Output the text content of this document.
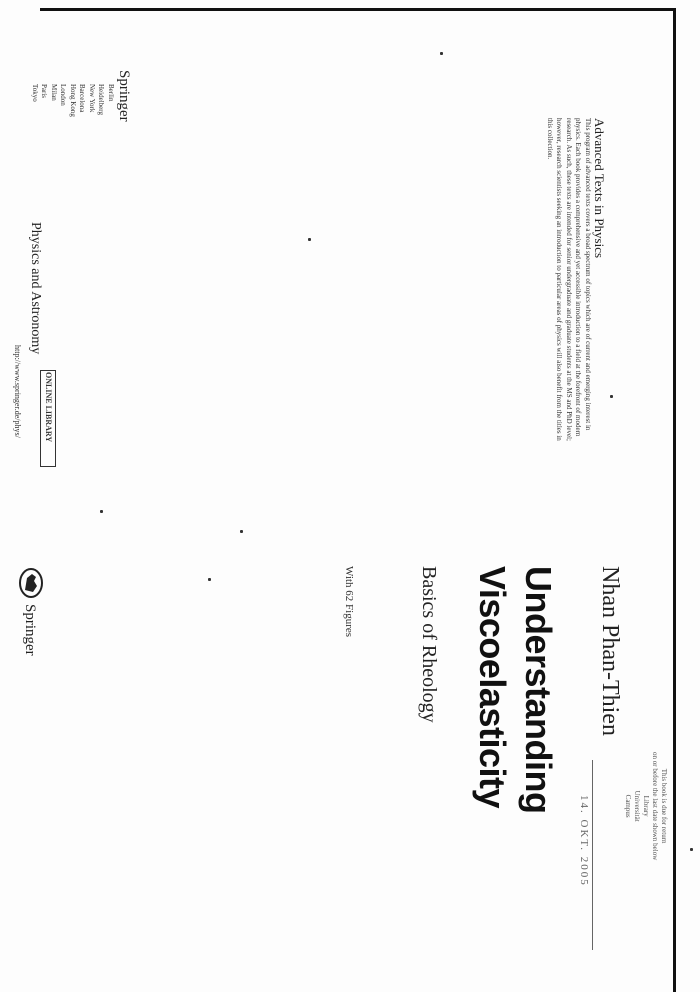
Nhan Phan-Thien
Understanding
Viscoelasticity
Basics of Rheology
With 62 Figures
This book is due for return
on or before the last date shown below
Library
Universität
Campus
14. OKT. 2005
Advanced Texts in Physics
This program of advanced texts covers a broad spectrum of topics which are of current and emerging interest in physics. Each book provides a comprehensive and yet accessible introduction to a field at the forefront of modern research. As such, these texts are intended for senior undergraduate and graduate students at the MS and PhD level; however, research scientists seeking an introduction to particular areas of physics will also benefit from the titles in this collection.
Springer
Berlin
Heidelberg
New York
Barcelona
Hong Kong
London
Milan
Paris
Tokyo
Physics and Astronomy
ONLINE LIBRARY
http://www.springer.de/phys/
Springer
